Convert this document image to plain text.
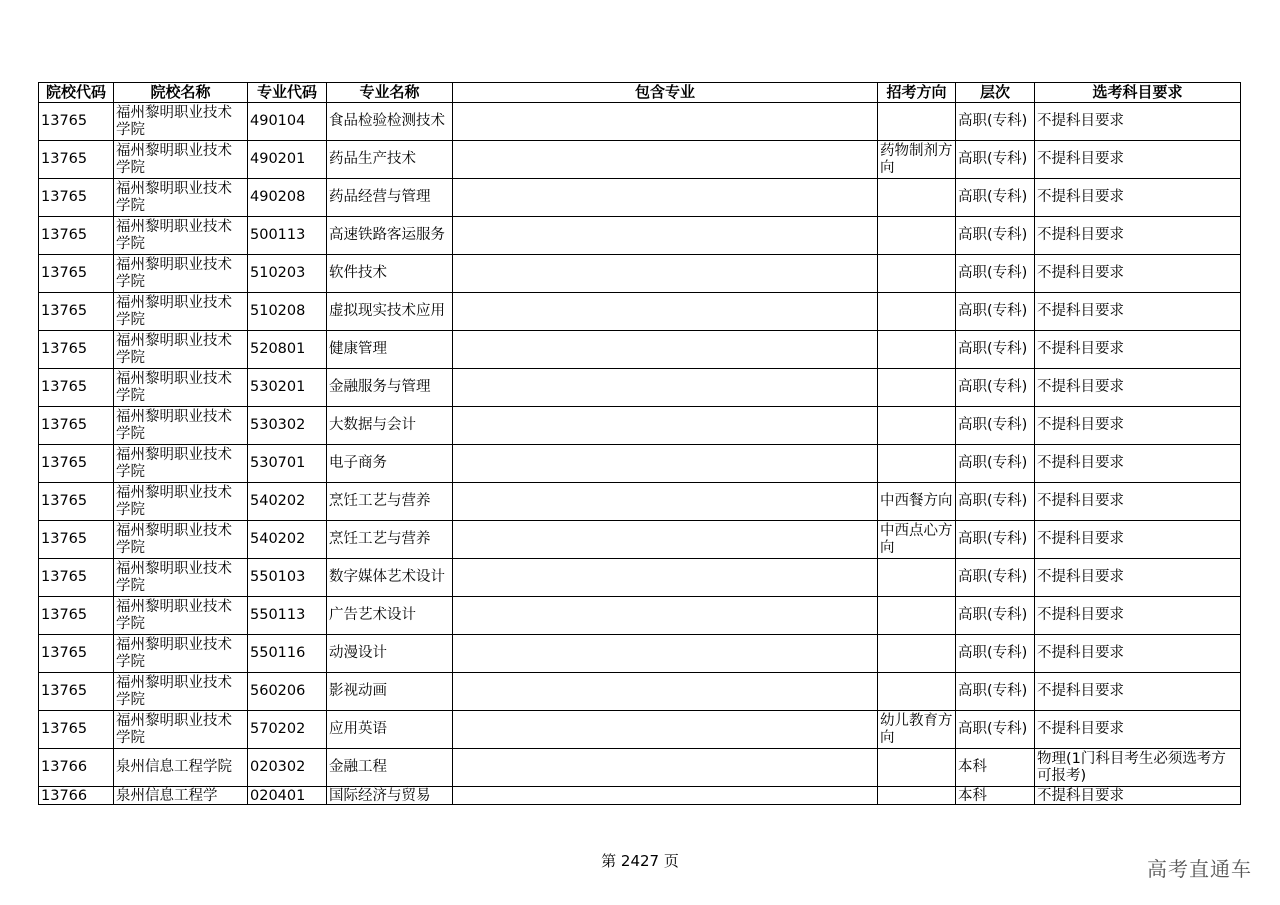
院校代码	院校名称	专业代码	专业名称	包含专业	招考方向	层次	选考科目要求
13765	福州黎明职业技术学院	490104	食品检验检测技术			高职(专科)	不提科目要求
13765	福州黎明职业技术学院	490201	药品生产技术		药物制剂方向	高职(专科)	不提科目要求
13765	福州黎明职业技术学院	490208	药品经营与管理			高职(专科)	不提科目要求
13765	福州黎明职业技术学院	500113	高速铁路客运服务			高职(专科)	不提科目要求
13765	福州黎明职业技术学院	510203	软件技术			高职(专科)	不提科目要求
13765	福州黎明职业技术学院	510208	虚拟现实技术应用			高职(专科)	不提科目要求
13765	福州黎明职业技术学院	520801	健康管理			高职(专科)	不提科目要求
13765	福州黎明职业技术学院	530201	金融服务与管理			高职(专科)	不提科目要求
13765	福州黎明职业技术学院	530302	大数据与会计			高职(专科)	不提科目要求
13765	福州黎明职业技术学院	530701	电子商务			高职(专科)	不提科目要求
13765	福州黎明职业技术学院	540202	烹饪工艺与营养		中西餐方向	高职(专科)	不提科目要求
13765	福州黎明职业技术学院	540202	烹饪工艺与营养		中西点心方向	高职(专科)	不提科目要求
13765	福州黎明职业技术学院	550103	数字媒体艺术设计			高职(专科)	不提科目要求
13765	福州黎明职业技术学院	550113	广告艺术设计			高职(专科)	不提科目要求
13765	福州黎明职业技术学院	550116	动漫设计			高职(专科)	不提科目要求
13765	福州黎明职业技术学院	560206	影视动画			高职(专科)	不提科目要求
13765	福州黎明职业技术学院	570202	应用英语		幼儿教育方向	高职(专科)	不提科目要求
13766	泉州信息工程学院	020302	金融工程			本科	物理(1门科目考生必须选考方可报考)
13766	泉州信息工程学	020401	国际经济与贸易			本科	不提科目要求
第 2427 页	高考直通车
